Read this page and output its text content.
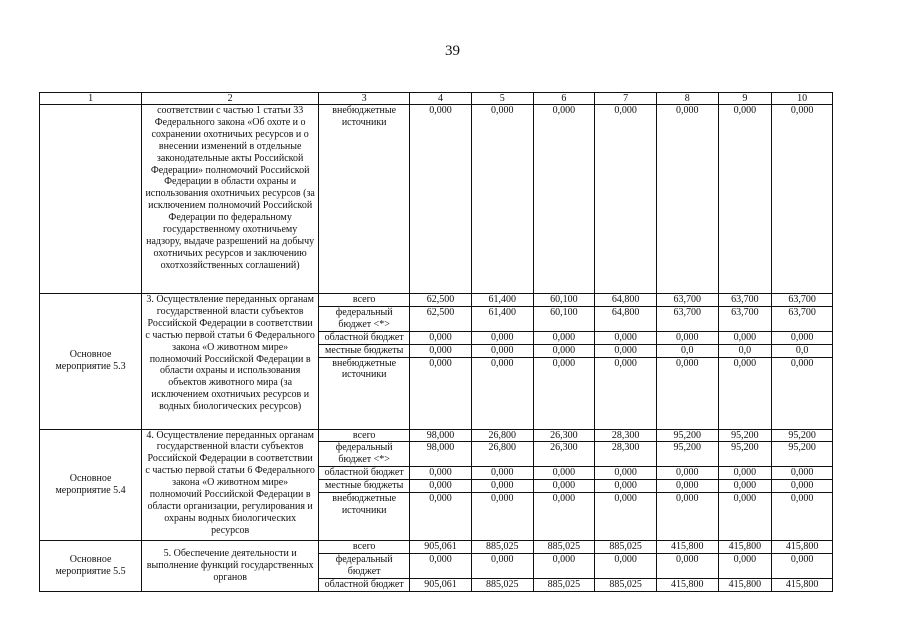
39
1	2	3	4	5	6	7	8	9	10
	соответствии с частью 1 статьи 33 Федерального закона «Об охоте и о сохранении охотничьих ресурсов и о внесении изменений в отдельные законодательные акты Российской Федерации» полномочий Российской Федерации в области охраны и использования охотничьих ресурсов (за исключением полномочий Российской Федерации по федеральному государственному охотничьему надзору, выдаче разрешений на добычу охотничьих ресурсов и заключению охотхозяйственных соглашений)	внебюджетные источники	0,000	0,000	0,000	0,000	0,000	0,000	0,000
Основное мероприятие 5.3	3. Осуществление переданных органам государственной власти субъектов Российской Федерации в соответствии с частью первой статьи 6 Федерального закона «О животном мире» полномочий Российской Федерации в области охраны и использования объектов животного мира (за исключением охотничьих ресурсов и водных биологических ресурсов)	всего	62,500	61,400	60,100	64,800	63,700	63,700	63,700
		федеральный бюджет <*>	62,500	61,400	60,100	64,800	63,700	63,700	63,700
		областной бюджет	0,000	0,000	0,000	0,000	0,000	0,000	0,000
		местные бюджеты	0,000	0,000	0,000	0,000	0,0	0,0	0,0
		внебюджетные источники	0,000	0,000	0,000	0,000	0,000	0,000	0,000
Основное мероприятие 5.4	4. Осуществление переданных органам государственной власти субъектов Российской Федерации в соответствии с частью первой статьи 6 Федерального закона «О животном мире» полномочий Российской Федерации в области организации, регулирования и охраны водных биологических ресурсов	всего	98,000	26,800	26,300	28,300	95,200	95,200	95,200
		федеральный бюджет <*>	98,000	26,800	26,300	28,300	95,200	95,200	95,200
		областной бюджет	0,000	0,000	0,000	0,000	0,000	0,000	0,000
		местные бюджеты	0,000	0,000	0,000	0,000	0,000	0,000	0,000
		внебюджетные источники	0,000	0,000	0,000	0,000	0,000	0,000	0,000
Основное мероприятие 5.5	5. Обеспечение деятельности и выполнение функций государственных органов	всего	905,061	885,025	885,025	885,025	415,800	415,800	415,800
		федеральный бюджет	0,000	0,000	0,000	0,000	0,000	0,000	0,000
		областной бюджет	905,061	885,025	885,025	885,025	415,800	415,800	415,800
